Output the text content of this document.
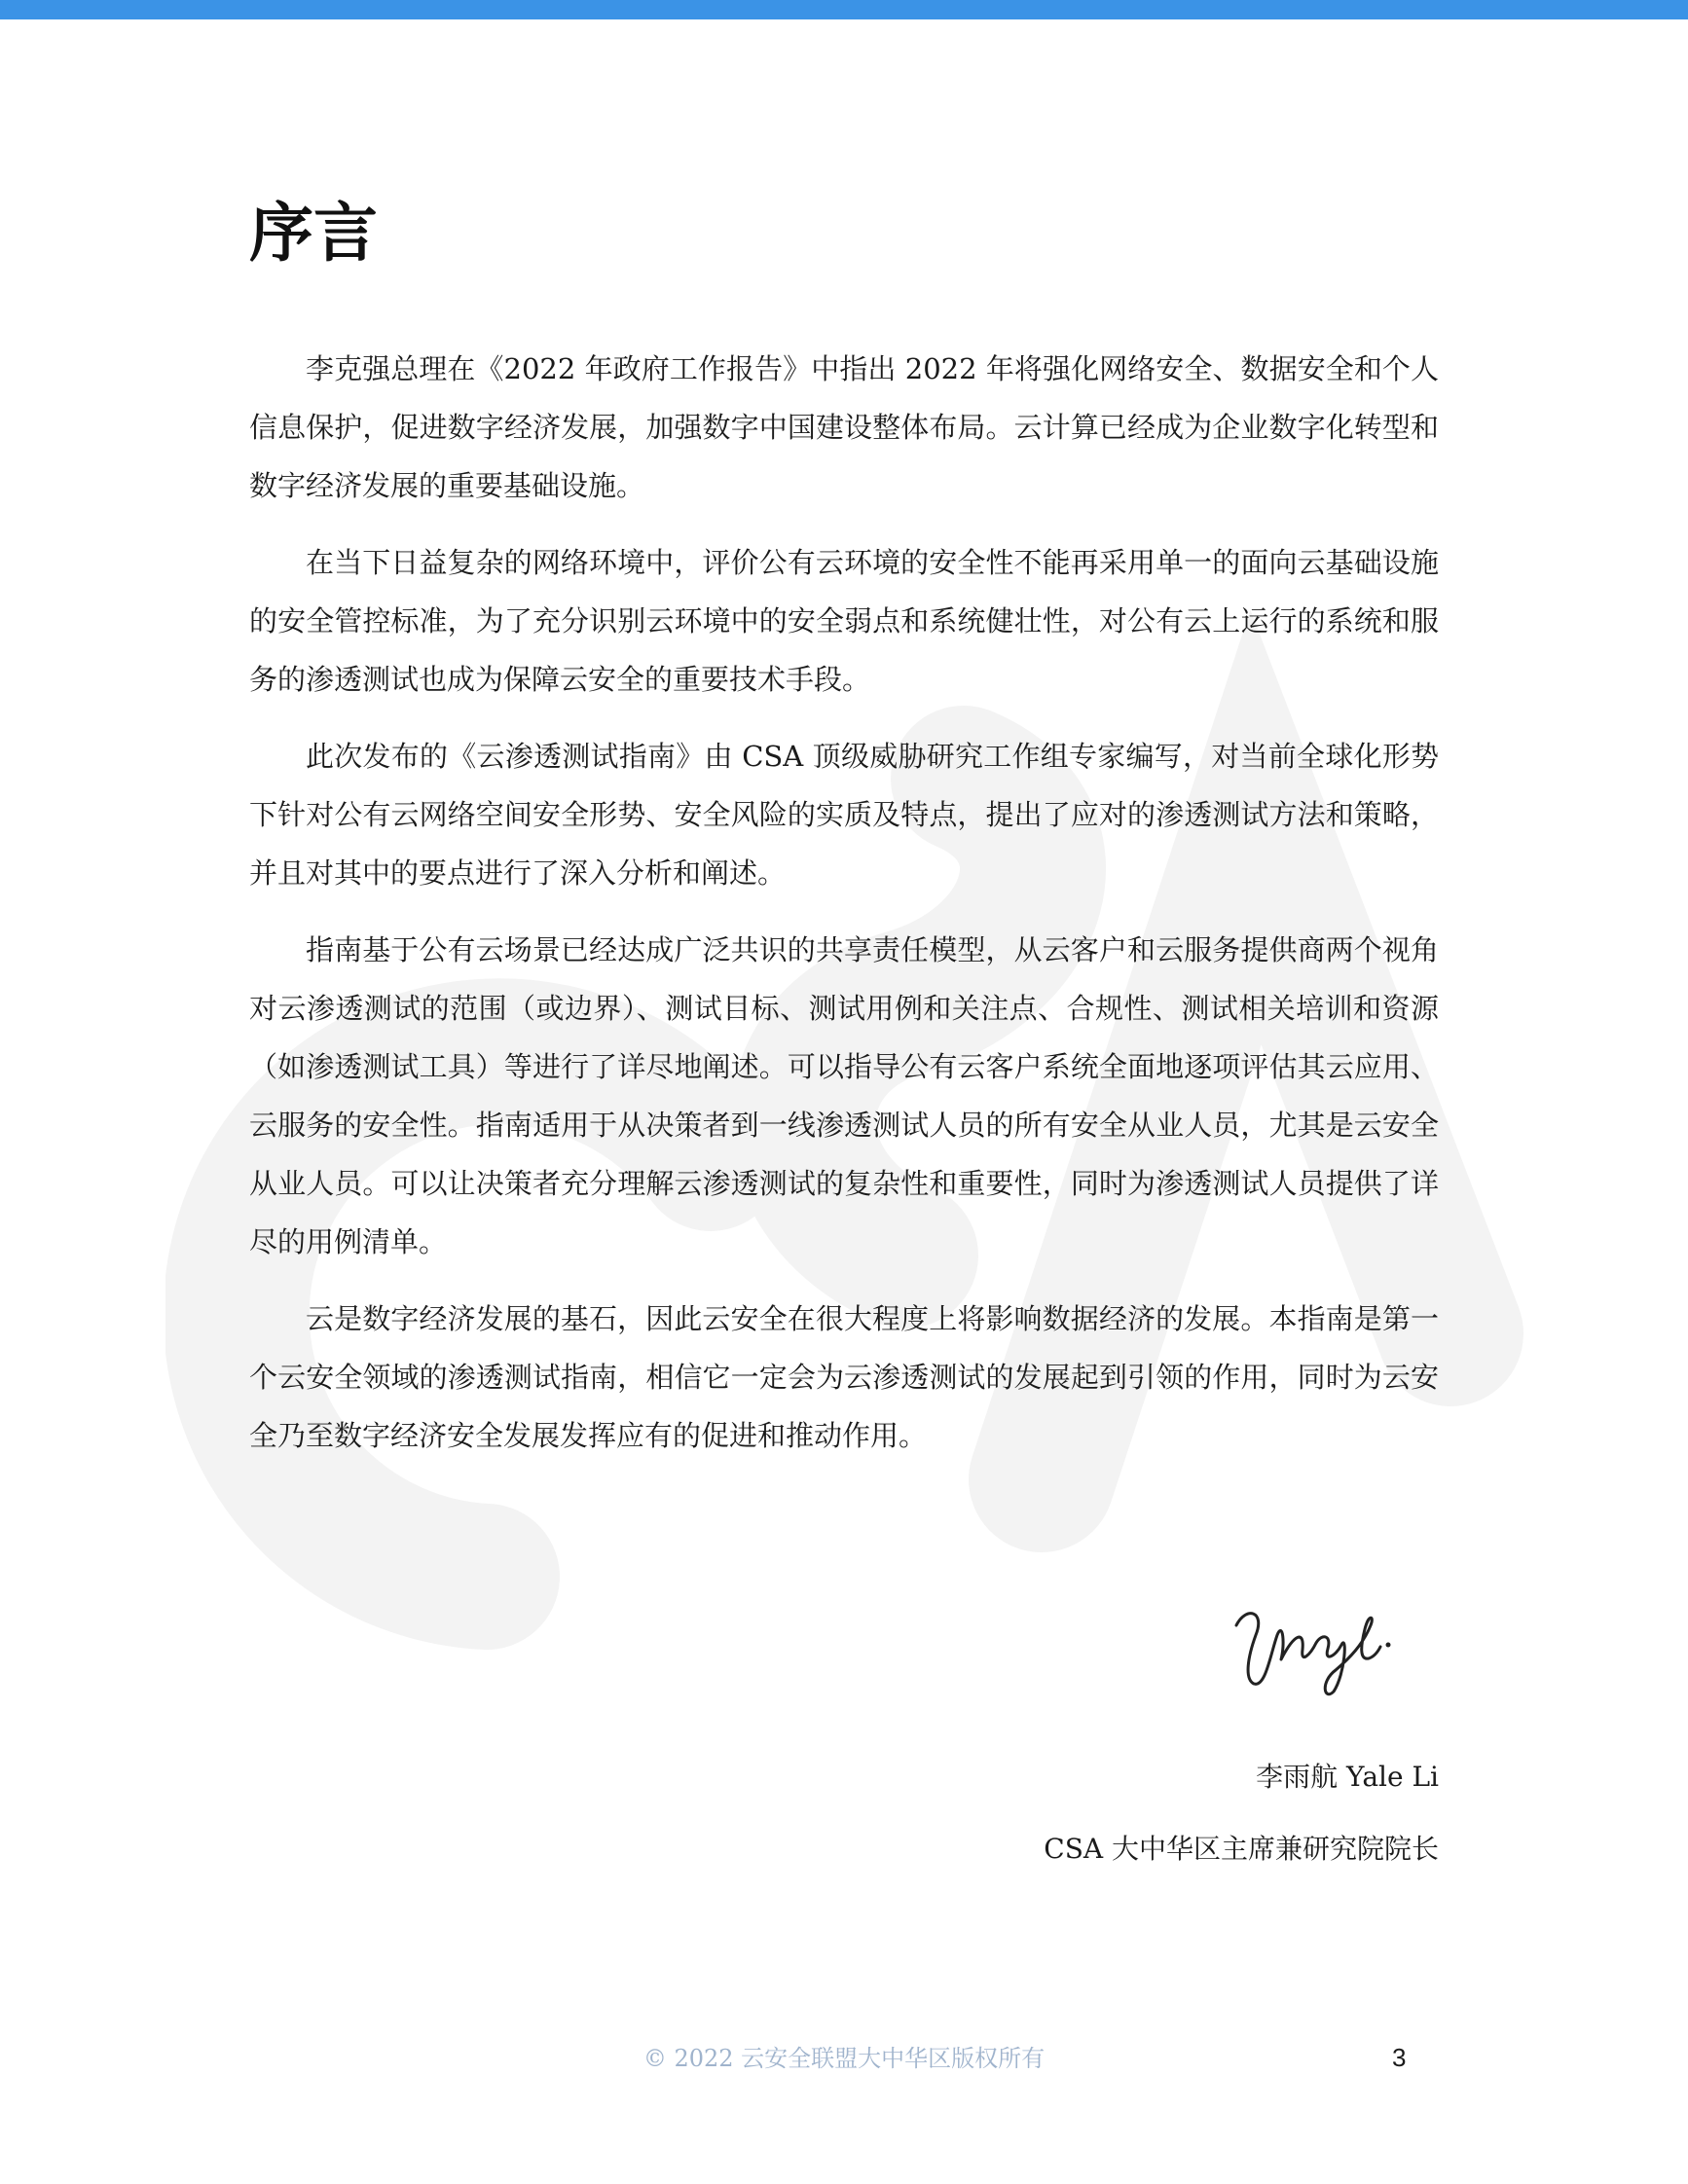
序言

李克强总理在《2022 年政府工作报告》中指出 2022 年将强化网络安全、数据安全和个人信息保护，促进数字经济发展，加强数字中国建设整体布局。云计算已经成为企业数字化转型和数字经济发展的重要基础设施。

在当下日益复杂的网络环境中，评价公有云环境的安全性不能再采用单一的面向云基础设施的安全管控标准，为了充分识别云环境中的安全弱点和系统健壮性，对公有云上运行的系统和服务的渗透测试也成为保障云安全的重要技术手段。

此次发布的《云渗透测试指南》由 CSA 顶级威胁研究工作组专家编写，对当前全球化形势下针对公有云网络空间安全形势、安全风险的实质及特点，提出了应对的渗透测试方法和策略，并且对其中的要点进行了深入分析和阐述。

指南基于公有云场景已经达成广泛共识的共享责任模型，从云客户和云服务提供商两个视角对云渗透测试的范围（或边界）、测试目标、测试用例和关注点、合规性、测试相关培训和资源（如渗透测试工具）等进行了详尽地阐述。可以指导公有云客户系统全面地逐项评估其云应用、云服务的安全性。指南适用于从决策者到一线渗透测试人员的所有安全从业人员，尤其是云安全从业人员。可以让决策者充分理解云渗透测试的复杂性和重要性，同时为渗透测试人员提供了详尽的用例清单。

云是数字经济发展的基石，因此云安全在很大程度上将影响数据经济的发展。本指南是第一个云安全领域的渗透测试指南，相信它一定会为云渗透测试的发展起到引领的作用，同时为云安全乃至数字经济安全发展发挥应有的促进和推动作用。

李雨航 Yale Li
CSA 大中华区主席兼研究院院长
© 2022 云安全联盟大中华区版权所有	3
